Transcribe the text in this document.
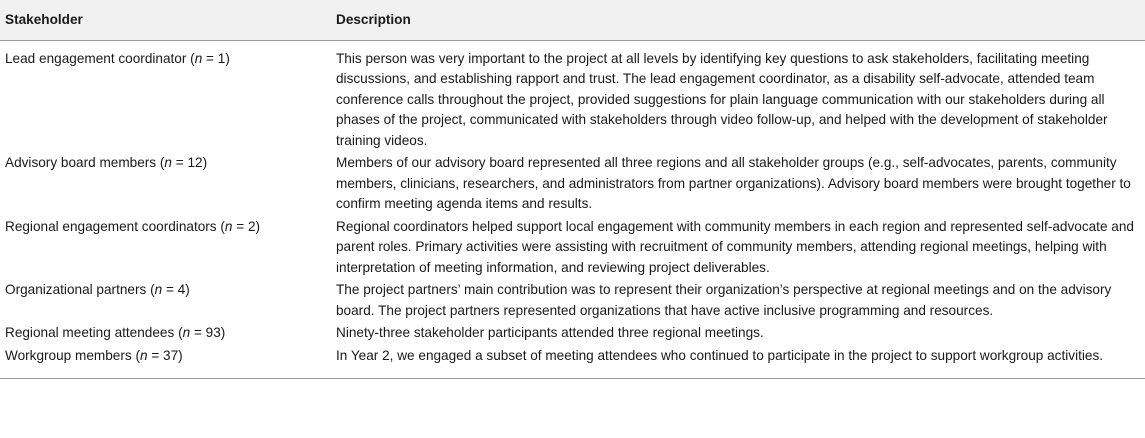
Stakeholder	Description
Lead engagement coordinator (n = 1)	This person was very important to the project at all levels by identifying key questions to ask stakeholders, facilitating meeting discussions, and establishing rapport and trust. The lead engagement coordinator, as a disability self-advocate, attended team conference calls throughout the project, provided suggestions for plain language communication with our stakeholders during all phases of the project, communicated with stakeholders through video follow-up, and helped with the development of stakeholder training videos.
Advisory board members (n = 12)	Members of our advisory board represented all three regions and all stakeholder groups (e.g., self-advocates, parents, community members, clinicians, researchers, and administrators from partner organizations). Advisory board members were brought together to confirm meeting agenda items and results.
Regional engagement coordinators (n = 2)	Regional coordinators helped support local engagement with community members in each region and represented self-advocate and parent roles. Primary activities were assisting with recruitment of community members, attending regional meetings, helping with interpretation of meeting information, and reviewing project deliverables.
Organizational partners (n = 4)	The project partners’ main contribution was to represent their organization’s perspective at regional meetings and on the advisory board. The project partners represented organizations that have active inclusive programming and resources.
Regional meeting attendees (n = 93)	Ninety-three stakeholder participants attended three regional meetings.
Workgroup members (n = 37)	In Year 2, we engaged a subset of meeting attendees who continued to participate in the project to support workgroup activities.
